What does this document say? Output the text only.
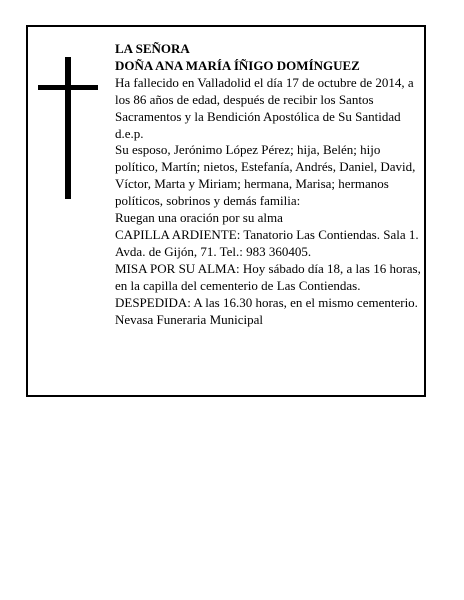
LA SEÑORA

DOÑA ANA MARÍA ÍÑIGO DOMÍNGUEZ

Ha fallecido en Valladolid el día 17 de octubre de 2014, a los 86 años de edad, después de recibir los Santos Sacramentos y la Bendición Apostólica de Su Santidad d.e.p.

Su esposo, Jerónimo López Pérez; hija, Belén; hijo político, Martín; nietos, Estefanía, Andrés, Daniel, David, Víctor, Marta y Miriam; hermana, Marisa; hermanos políticos, sobrinos y demás familia:

Ruegan una oración por su alma

CAPILLA ARDIENTE: Tanatorio Las Contiendas. Sala 1. Avda. de Gijón, 71. Tel.: 983 360405.

MISA POR SU ALMA: Hoy sábado día 18, a las 16 horas, en la capilla del cementerio de Las Contiendas.

DESPEDIDA: A las 16.30 horas, en el mismo cementerio.

Nevasa Funeraria Municipal
